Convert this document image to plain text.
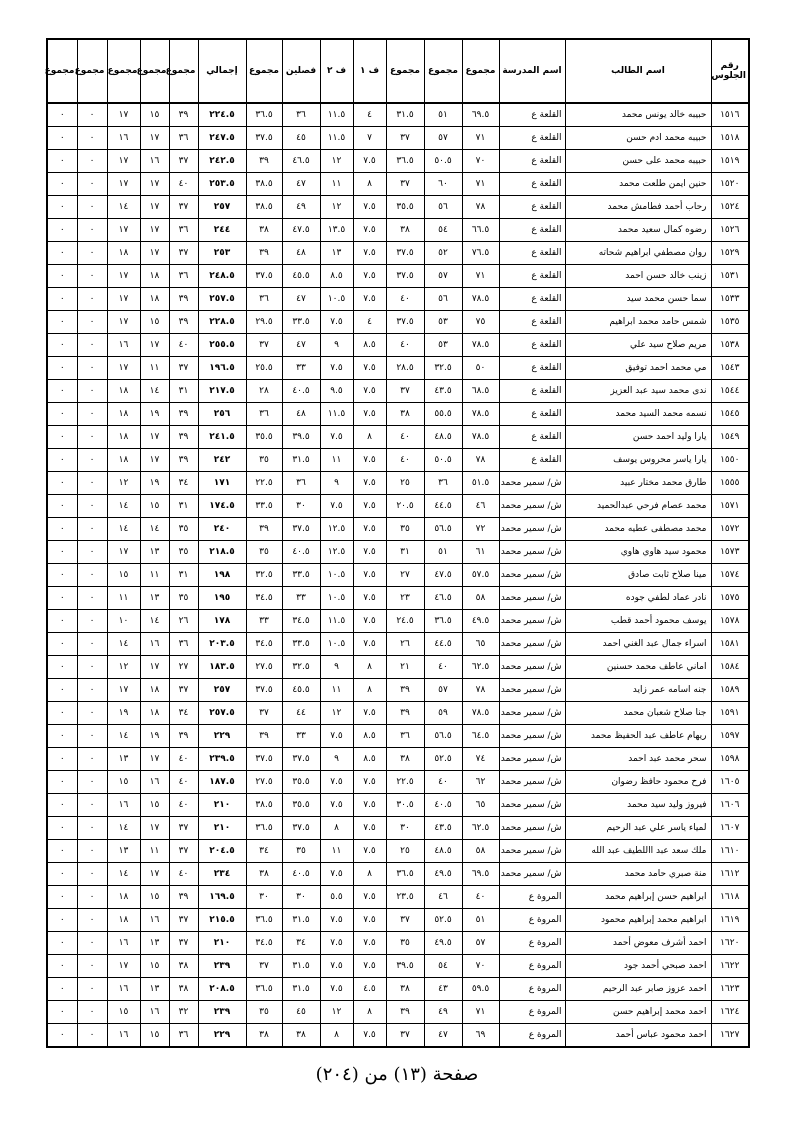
رقم الجلوس	اسم الطالب	اسم المدرسة	مجموع	مجموع	مجموع	ف ١	ف ٢	فصلين	مجموع	إجمالي	مجموع	مجموع	مجموع	مجموع	مجموع
١٥١٦	حبيبه خالد يونس محمد	القلعة ع	٦٩.٥	٥١	٣١.٥	٤	١١.٥	٣٦	٣٦.٥	٢٢٤.٥	٣٩	١٥	١٧	٠	٠
١٥١٨	حبيبه محمد ادم حسن	القلعة ع	٧١	٥٧	٣٧	٧	١١.٥	٤٥	٣٧.٥	٢٤٧.٥	٣٦	١٧	١٦	٠	٠
١٥١٩	حبيبه محمد على حسن	القلعة ع	٧٠	٥٠.٥	٣٦.٥	٧.٥	١٢	٤٦.٥	٣٩	٢٤٢.٥	٣٧	١٦	١٧	٠	٠
١٥٢٠	حنين ايمن طلعت محمد	القلعة ع	٧١	٦٠	٣٧	٨	١١	٤٧	٣٨.٥	٢٥٣.٥	٤٠	١٧	١٧	٠	٠
١٥٢٤	رحاب أحمد فطامش محمد	القلعة ع	٧٨	٥٦	٣٥.٥	٧.٥	١٢	٤٩	٣٨.٥	٢٥٧	٣٧	١٧	١٤	٠	٠
١٥٢٦	رضوه كمال سعيد محمد	القلعة ع	٦٦.٥	٥٤	٣٨	٧.٥	١٣.٥	٤٧.٥	٣٨	٢٤٤	٣٦	١٧	١٧	٠	٠
١٥٢٩	روان مصطفي ابراهيم شحاته	القلعة ع	٧٦.٥	٥٢	٣٧.٥	٧.٥	١٣	٤٨	٣٩	٢٥٣	٣٧	١٧	١٨	٠	٠
١٥٣١	زينب خالد حسن احمد	القلعة ع	٧١	٥٧	٣٧.٥	٧.٥	٨.٥	٤٥.٥	٣٧.٥	٢٤٨.٥	٣٦	١٨	١٧	٠	٠
١٥٣٣	سما حسن محمد سيد	القلعة ع	٧٨.٥	٥٦	٤٠	٧.٥	١٠.٥	٤٧	٣٦	٢٥٧.٥	٣٩	١٨	١٧	٠	٠
١٥٣٥	شمس حامد محمد ابراهيم	القلعة ع	٧٥	٥٣	٣٧.٥	٤	٧.٥	٣٣.٥	٢٩.٥	٢٢٨.٥	٣٩	١٥	١٧	٠	٠
١٥٣٨	مريم صلاح سيد علي	القلعة ع	٧٨.٥	٥٣	٤٠	٨.٥	٩	٤٧	٣٧	٢٥٥.٥	٤٠	١٧	١٦	٠	٠
١٥٤٣	مي محمد احمد توفيق	القلعة ع	٥٠	٣٢.٥	٢٨.٥	٧.٥	٧.٥	٣٣	٢٥.٥	١٩٦.٥	٣٧	١١	١٧	٠	٠
١٥٤٤	ندى محمد سيد عبد العزيز	القلعة ع	٦٨.٥	٤٣.٥	٣٧	٧.٥	٩.٥	٤٠.٥	٢٨	٢١٧.٥	٣١	١٤	١٨	٠	٠
١٥٤٥	نسمه محمد السيد محمد	القلعة ع	٧٨.٥	٥٥.٥	٣٨	٧.٥	١١.٥	٤٨	٣٦	٢٥٦	٣٩	١٩	١٨	٠	٠
١٥٤٩	يارا وليد احمد حسن	القلعة ع	٧٨.٥	٤٨.٥	٤٠	٨	٧.٥	٣٩.٥	٣٥.٥	٢٤١.٥	٣٩	١٧	١٨	٠	٠
١٥٥٠	يارا ياسر محروس يوسف	القلعة ع	٧٨	٥٠.٥	٤٠	٧.٥	١١	٣١.٥	٣٥	٢٤٢	٣٩	١٧	١٨	٠	٠
١٥٥٥	طارق محمد مختار عبيد	ش/ سمير محمد	٥١.٥	٣٦	٢٥	٧.٥	٩	٣٦	٢٢.٥	١٧١	٣٤	١٩	١٢	٠	٠
١٥٧١	محمد عصام فرحي عبدالحميد	ش/ سمير محمد	٤٦	٤٤.٥	٢٠.٥	٧.٥	٧.٥	٣٠	٣٣.٥	١٧٤.٥	٣١	١٥	١٤	٠	٠
١٥٧٢	محمد مصطفى عطيه محمد	ش/ سمير محمد	٧٢	٥٦.٥	٣٥	٧.٥	١٢.٥	٣٧.٥	٣٩	٢٤٠	٣٥	١٤	١٤	٠	٠
١٥٧٣	محمود سيد هاوي هاوي	ش/ سمير محمد	٦١	٥١	٣١	٧.٥	١٢.٥	٤٠.٥	٣٥	٢١٨.٥	٣٥	١٣	١٧	٠	٠
١٥٧٤	مينا صلاح ثابت صادق	ش/ سمير محمد	٥٧.٥	٤٧.٥	٢٧	٧.٥	١٠.٥	٣٣.٥	٣٢.٥	١٩٨	٣١	١١	١٥	٠	٠
١٥٧٥	نادر عماد لطفي جوده	ش/ سمير محمد	٥٨	٤٦.٥	٢٣	٧.٥	١٠.٥	٣٣	٣٤.٥	١٩٥	٣٥	١٣	١١	٠	٠
١٥٧٨	يوسف محمود أحمد قطب	ش/ سمير محمد	٤٩.٥	٣٦.٥	٢٤.٥	٧.٥	١١.٥	٣٤.٥	٣٣	١٧٨	٢٦	١٤	١٠	٠	٠
١٥٨١	اسراء جمال عبد الغني احمد	ش/ سمير محمد	٦٥	٤٤.٥	٢٦	٧.٥	١٠.٥	٣٣.٥	٣٤.٥	٢٠٣.٥	٣٦	١٦	١٤	٠	٠
١٥٨٤	اماني عاطف محمد حسنين	ش/ سمير محمد	٦٢.٥	٤٠	٢١	٨	٩	٣٢.٥	٢٧.٥	١٨٣.٥	٢٧	١٧	١٢	٠	٠
١٥٨٩	جنه اسامه عمر زايد	ش/ سمير محمد	٧٨	٥٧	٣٩	٨	١١	٤٥.٥	٣٧.٥	٢٥٧	٣٧	١٨	١٧	٠	٠
١٥٩١	جنا صلاح شعبان محمد	ش/ سمير محمد	٧٨.٥	٥٩	٣٩	٧.٥	١٢	٤٤	٣٧	٢٥٧.٥	٣٤	١٨	١٩	٠	٠
١٥٩٧	ريهام عاطف عبد الحفيظ محمد	ش/ سمير محمد	٦٤.٥	٥٦.٥	٣٦	٨.٥	٧.٥	٣٣	٣٩	٢٢٩	٣٩	١٩	١٤	٠	٠
١٥٩٨	سحر محمد عبد احمد	ش/ سمير محمد	٧٤	٥٢.٥	٣٨	٨.٥	٩	٣٧.٥	٣٧.٥	٢٣٩.٥	٤٠	١٧	١٣	٠	٠
١٦٠٥	فرح محمود حافظ رضوان	ش/ سمير محمد	٦٢	٤٠	٢٢.٥	٧.٥	٧.٥	٣٥.٥	٢٧.٥	١٨٧.٥	٤٠	١٦	١٥	٠	٠
١٦٠٦	فيروز وليد سيد محمد	ش/ سمير محمد	٦٥	٤٠.٥	٣٠.٥	٧.٥	٧.٥	٣٥.٥	٣٨.٥	٢١٠	٤٠	١٥	١٦	٠	٠
١٦٠٧	لمياء ياسر علي عبد الرحيم	ش/ سمير محمد	٦٢.٥	٤٣.٥	٣٠	٧.٥	٨	٣٧.٥	٣٦.٥	٢١٠	٣٧	١٧	١٤	٠	٠
١٦١٠	ملك سعد عبد االلطيف عبد الله	ش/ سمير محمد	٥٨	٤٨.٥	٢٥	٧.٥	١١	٣٥	٣٤	٢٠٤.٥	٣٧	١١	١٣	٠	٠
١٦١٢	منة صبري حامد محمد	ش/ سمير محمد	٦٩.٥	٤٩.٥	٣٦.٥	٨	٧.٥	٤٠.٥	٣٨	٢٣٤	٤٠	١٧	١٤	٠	٠
١٦١٨	ابراهيم حسن إبراهيم محمد	المروة ع	٤٠	٤٦	٢٣.٥	٧.٥	٥.٥	٣٠	٣٠	١٦٩.٥	٣٩	١٥	١٨	٠	٠
١٦١٩	ابراهيم محمد إبراهيم محمود	المروة ع	٥١	٥٢.٥	٣٧	٧.٥	٧.٥	٣١.٥	٣٦.٥	٢١٥.٥	٣٧	١٦	١٨	٠	٠
١٦٢٠	احمد أشرف معوض أحمد	المروة ع	٥٧	٤٩.٥	٣٥	٧.٥	٧.٥	٣٤	٣٤.٥	٢١٠	٣٧	١٣	١٦	٠	٠
١٦٢٢	احمد صبحي أحمد جود	المروة ع	٧٠	٥٤	٣٩.٥	٧.٥	٧.٥	٣١.٥	٣٧	٢٣٩	٣٨	١٥	١٧	٠	٠
١٦٢٣	احمد عزوز صابر عبد الرحيم	المروة ع	٥٩.٥	٤٣	٣٨	٤.٥	٧.٥	٣١.٥	٣٦.٥	٢٠٨.٥	٣٨	١٣	١٦	٠	٠
١٦٢٤	احمد محمد إبراهيم حسن	المروة ع	٧١	٤٩	٣٩	٨	١٢	٤٥	٣٥	٢٣٩	٣٢	١٦	١٥	٠	٠
١٦٢٧	احمد محمود عباس أحمد	المروة ع	٦٩	٤٧	٣٧	٧.٥	٨	٣٨	٣٨	٢٢٩	٣٦	١٥	١٦	٠	٠
صفحة (١٣) من (٢٠٤)
